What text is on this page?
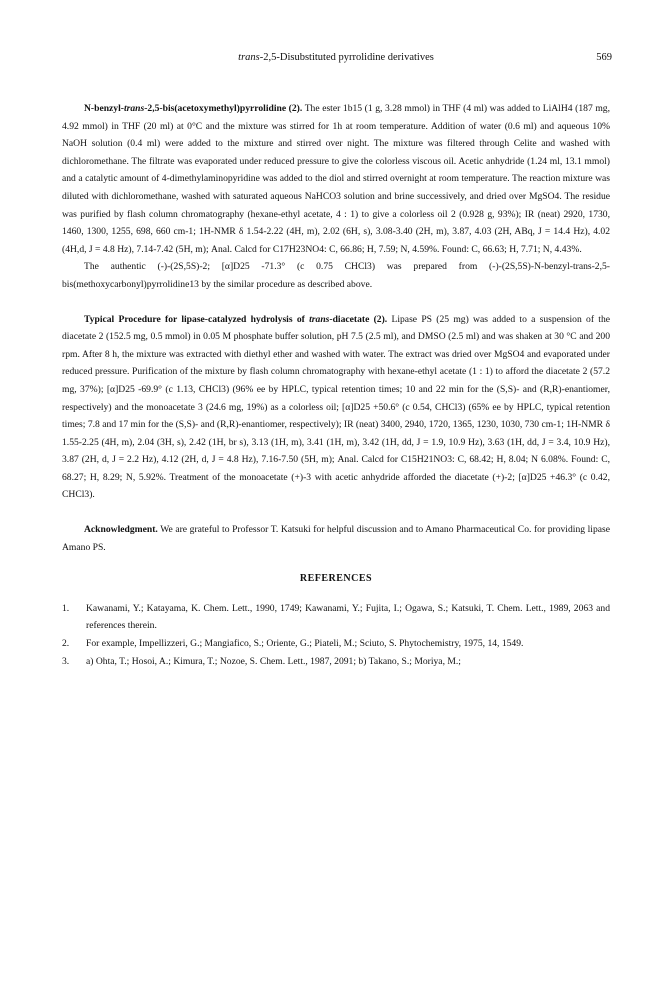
trans-2,5-Disubstituted pyrrolidine derivatives	569

N-benzyl-trans-2,5-bis(acetoxymethyl)pyrrolidine (2). The ester 1b15 (1 g, 3.28 mmol) in THF (4 ml) was added to LiAlH4 (187 mg, 4.92 mmol) in THF (20 ml) at 0°C and the mixture was stirred for 1h at room temperature. Addition of water (0.6 ml) and aqueous 10% NaOH solution (0.4 ml) were added to the mixture and stirred over night. The mixture was filtered through Celite and washed with dichloromethane. The filtrate was evaporated under reduced pressure to give the colorless viscous oil. Acetic anhydride (1.24 ml, 13.1 mmol) and a catalytic amount of 4-dimethylaminopyridine was added to the diol and stirred overnight at room temperature. The reaction mixture was diluted with dichloromethane, washed with saturated aqueous NaHCO3 solution and brine successively, and dried over MgSO4. The residue was purified by flash column chromatography (hexane-ethyl acetate, 4 : 1) to give a colorless oil 2 (0.928 g, 93%); IR (neat) 2920, 1730, 1460, 1300, 1255, 698, 660 cm-1; 1H-NMR δ 1.54-2.22 (4H, m), 2.02 (6H, s), 3.08-3.40 (2H, m), 3.87, 4.03 (2H, ABq, J = 14.4 Hz), 4.02 (4H,d, J = 4.8 Hz), 7.14-7.42 (5H, m); Anal. Calcd for C17H23NO4: C, 66.86; H, 7.59; N, 4.59%. Found: C, 66.63; H, 7.71; N, 4.43%.

The authentic (-)-(2S,5S)-2; [α]D25 -71.3° (c 0.75 CHCl3) was prepared from (-)-(2S,5S)-N-benzyl-trans-2,5-bis(methoxycarbonyl)pyrrolidine13 by the similar procedure as described above.

Typical Procedure for lipase-catalyzed hydrolysis of trans-diacetate (2). Lipase PS (25 mg) was added to a suspension of the diacetate 2 (152.5 mg, 0.5 mmol) in 0.05 M phosphate buffer solution, pH 7.5 (2.5 ml), and DMSO (2.5 ml) and was shaken at 30 °C and 200 rpm. After 8 h, the mixture was extracted with diethyl ether and washed with water. The extract was dried over MgSO4 and evaporated under reduced pressure. Purification of the mixture by flash column chromatography with hexane-ethyl acetate (1 : 1) to afford the diacetate 2 (57.2 mg, 37%); [α]D25 -69.9° (c 1.13, CHCl3) (96% ee by HPLC, typical retention times; 10 and 22 min for the (S,S)- and (R,R)-enantiomer, respectively) and the monoacetate 3 (24.6 mg, 19%) as a colorless oil; [α]D25 +50.6° (c 0.54, CHCl3) (65% ee by HPLC, typical retention times; 7.8 and 17 min for the (S,S)- and (R,R)-enantiomer, respectively); IR (neat) 3400, 2940, 1720, 1365, 1230, 1030, 730 cm-1; 1H-NMR δ 1.55-2.25 (4H, m), 2.04 (3H, s), 2.42 (1H, br s), 3.13 (1H, m), 3.41 (1H, m), 3.42 (1H, dd, J = 1.9, 10.9 Hz), 3.63 (1H, dd, J = 3.4, 10.9 Hz), 3.87 (2H, d, J = 2.2 Hz), 4.12 (2H, d, J = 4.8 Hz), 7.16-7.50 (5H, m); Anal. Calcd for C15H21NO3: C, 68.42; H, 8.04; N 6.08%. Found: C, 68.27; H, 8.29; N, 5.92%. Treatment of the monoacetate (+)-3 with acetic anhydride afforded the diacetate (+)-2; [α]D25 +46.3° (c 0.42, CHCl3).

Acknowledgment. We are grateful to Professor T. Katsuki for helpful discussion and to Amano Pharmaceutical Co. for providing lipase Amano PS.

REFERENCES
1. Kawanami, Y.; Katayama, K. Chem. Lett., 1990, 1749; Kawanami, Y.; Fujita, I.; Ogawa, S.; Katsuki, T. Chem. Lett., 1989, 2063 and references therein.
2. For example, Impellizzeri, G.; Mangiafico, S.; Oriente, G.; Piateli, M.; Sciuto, S. Phytochemistry, 1975, 14, 1549.
3. a) Ohta, T.; Hosoi, A.; Kimura, T.; Nozoe, S. Chem. Lett., 1987, 2091; b) Takano, S.; Moriya, M.;
